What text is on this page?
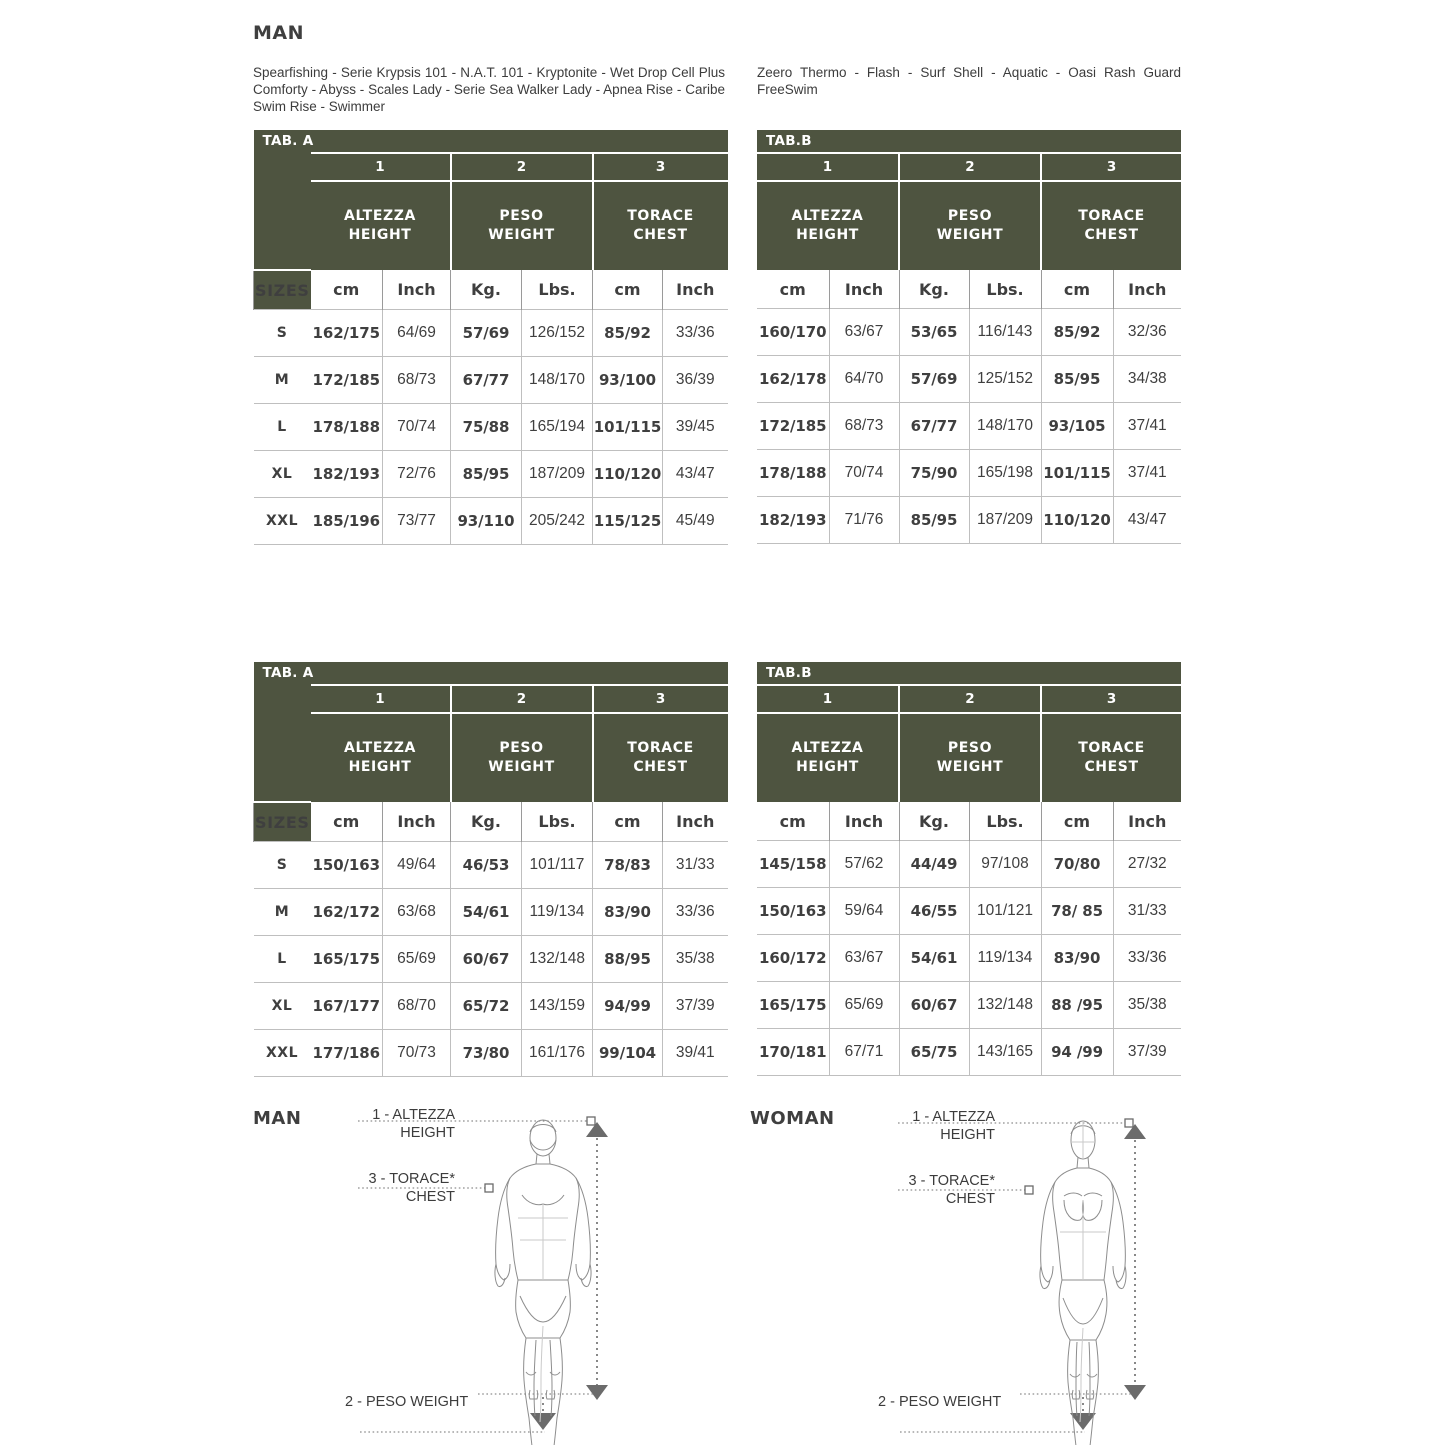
MAN
Spearfishing - Serie Krypsis 101 - N.A.T. 101 - Kryptonite - Wet Drop Cell Plus Comforty - Abyss - Scales Lady - Serie Sea Walker Lady - Apnea Rise - Caribe Swim Rise - Swimmer
Zeero Thermo - Flash - Surf Shell - Aquatic - Oasi Rash Guard FreeSwim
TAB. A						
	1		2		3	
	ALTEZZA
HEIGHT		PESO
WEIGHT		TORACE
CHEST	
SIZES	cm	Inch	Kg.	Lbs.	cm	Inch
S	162/175	64/69	57/69	126/152	85/92	33/36
M	172/185	68/73	67/77	148/170	93/100	36/39
L	178/188	70/74	75/88	165/194	101/115	39/45
XL	182/193	72/76	85/95	187/209	110/120	43/47
XXL	185/196	73/77	93/110	205/242	115/125	45/49
TAB.B					
1		2		3	
ALTEZZA
HEIGHT		PESO
WEIGHT		TORACE
CHEST	
cm	Inch	Kg.	Lbs.	cm	Inch
160/170	63/67	53/65	116/143	85/92	32/36
162/178	64/70	57/69	125/152	85/95	34/38
172/185	68/73	67/77	148/170	93/105	37/41
178/188	70/74	75/90	165/198	101/115	37/41
182/193	71/76	85/95	187/209	110/120	43/47
TAB. A						
	1		2		3	
	ALTEZZA
HEIGHT		PESO
WEIGHT		TORACE
CHEST	
SIZES	cm	Inch	Kg.	Lbs.	cm	Inch
S	150/163	49/64	46/53	101/117	78/83	31/33
M	162/172	63/68	54/61	119/134	83/90	33/36
L	165/175	65/69	60/67	132/148	88/95	35/38
XL	167/177	68/70	65/72	143/159	94/99	37/39
XXL	177/186	70/73	73/80	161/176	99/104	39/41
TAB.B					
1		2		3	
ALTEZZA
HEIGHT		PESO
WEIGHT		TORACE
CHEST	
cm	Inch	Kg.	Lbs.	cm	Inch
145/158	57/62	44/49	97/108	70/80	27/32
150/163	59/64	46/55	101/121	78/ 85	31/33
160/172	63/67	54/61	119/134	83/90	33/36
165/175	65/69	60/67	132/148	88 /95	35/38
170/181	67/71	65/75	143/165	94 /99	37/39
MAN	1 - ALTEZZA
HEIGHT
3 - TORACE*
CHEST
2 - PESO WEIGHT
WOMAN	1 - ALTEZZA
HEIGHT
3 - TORACE*
CHEST
2 - PESO WEIGHT
